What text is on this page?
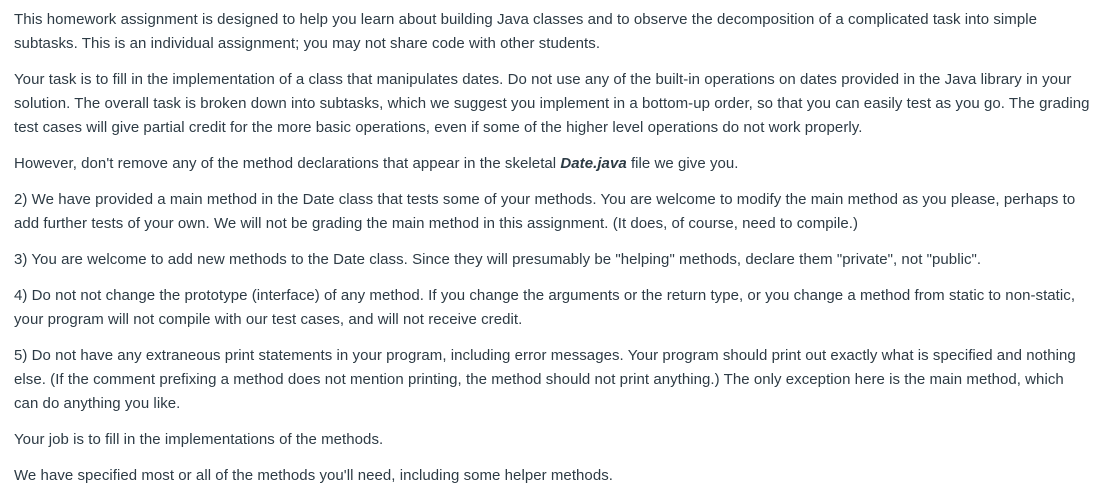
This homework assignment is designed to help you learn about building Java classes and to observe the decomposition of a complicated task into simple subtasks. This is an individual assignment; you may not share code with other students.

Your task is to fill in the implementation of a class that manipulates dates. Do not use any of the built-in operations on dates provided in the Java library in your solution. The overall task is broken down into subtasks, which we suggest you implement in a bottom-up order, so that you can easily test as you go. The grading test cases will give partial credit for the more basic operations, even if some of the higher level operations do not work properly.

However, don't remove any of the method declarations that appear in the skeletal Date.java file we give you.

2) We have provided a main method in the Date class that tests some of your methods. You are welcome to modify the main method as you please, perhaps to add further tests of your own. We will not be grading the main method in this assignment. (It does, of course, need to compile.)

3) You are welcome to add new methods to the Date class. Since they will presumably be "helping" methods, declare them "private", not "public".

4) Do not not change the prototype (interface) of any method. If you change the arguments or the return type, or you change a method from static to non-static, your program will not compile with our test cases, and will not receive credit.

5) Do not have any extraneous print statements in your program, including error messages. Your program should print out exactly what is specified and nothing else. (If the comment prefixing a method does not mention printing, the method should not print anything.) The only exception here is the main method, which can do anything you like.

Your job is to fill in the implementations of the methods.

We have specified most or all of the methods you'll need, including some helper methods.
